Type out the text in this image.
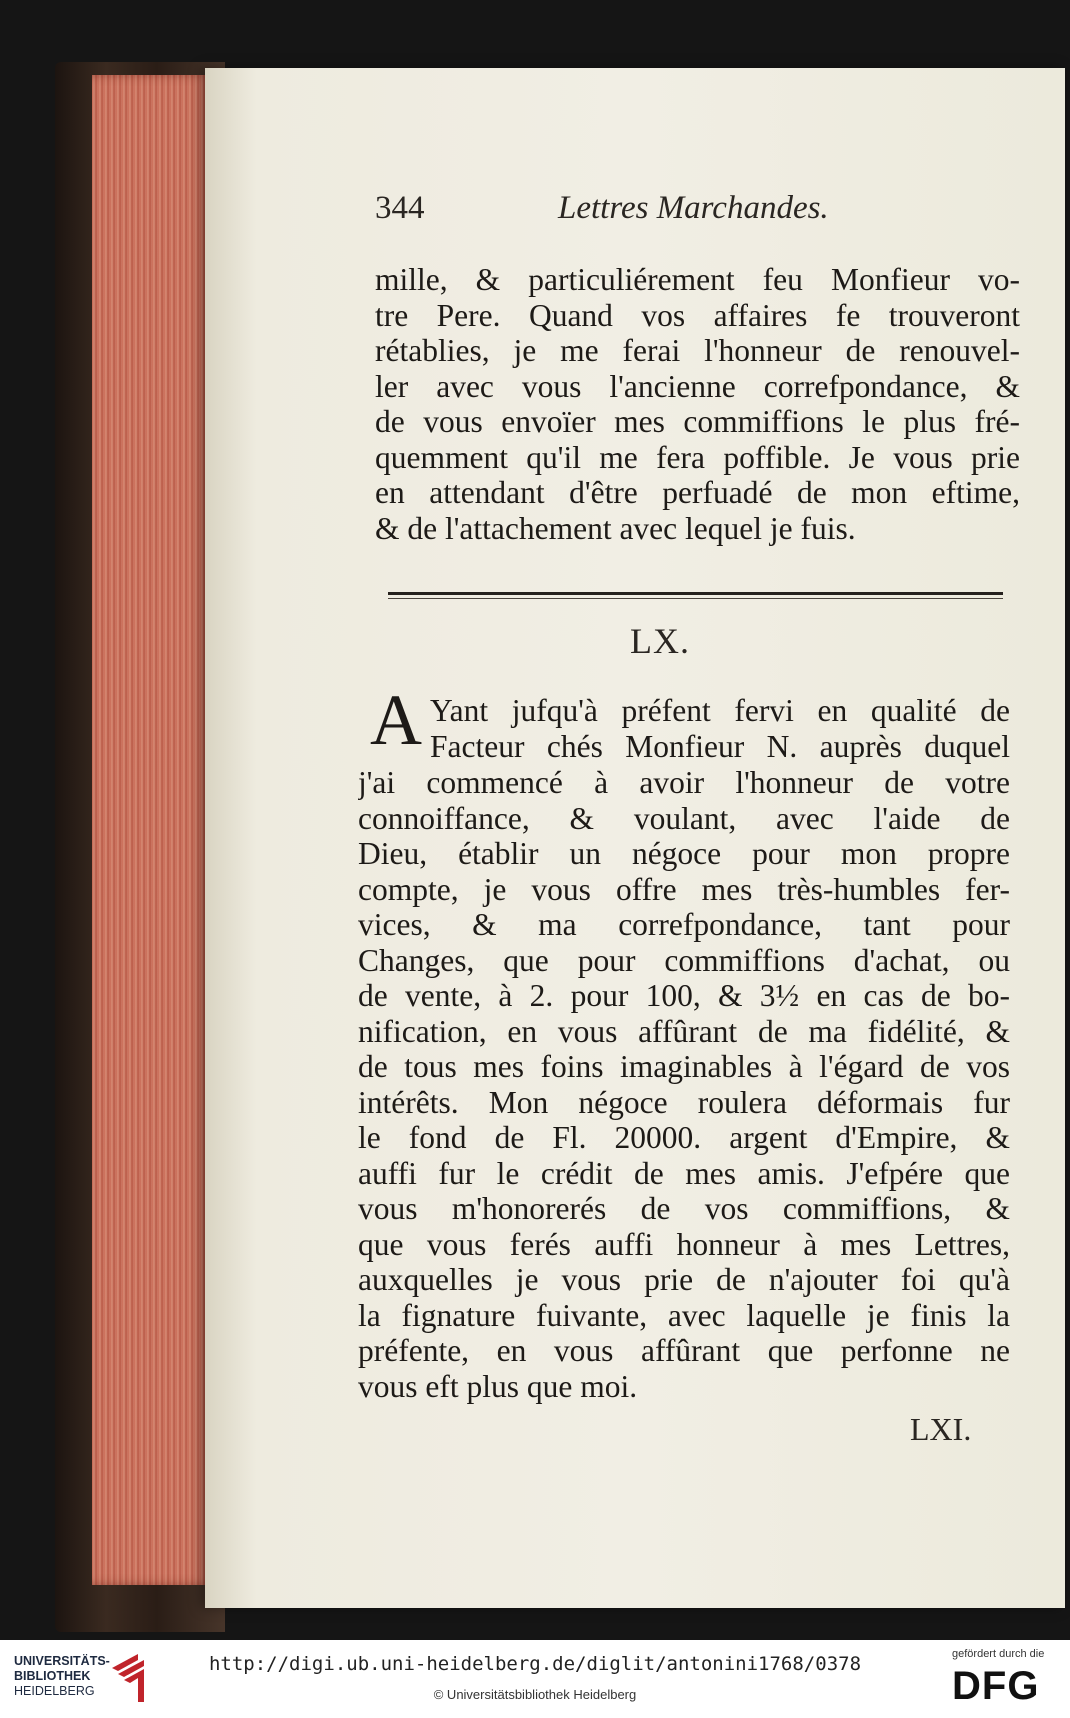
344	Lettres Marchandes.
mille, & particuliérement feu Monfieur vo-
tre Pere. Quand vos affaires fe trouveront
rétablies, je me ferai l'honneur de renouvel-
ler avec vous l'ancienne correfpondance, &
de vous envoïer mes commiffions le plus fré-
quemment qu'il me fera poffible. Je vous prie
en attendant d'être perfuadé de mon eftime,
& de l'attachement avec lequel je fuis.
LX.
A Yant jufqu'à préfent fervi en qualité de
Facteur chés Monfieur N. auprès duquel
j'ai commencé à avoir l'honneur de votre
connoiffance, & voulant, avec l'aide de
Dieu, établir un négoce pour mon propre
compte, je vous offre mes très-humbles fer-
vices, & ma correfpondance, tant pour
Changes, que pour commiffions d'achat, ou
de vente, à 2. pour 100, & 3½ en cas de bo-
nification, en vous affûrant de ma fidélité, &
de tous mes foins imaginables à l'égard de vos
intérêts. Mon négoce roulera déformais fur
le fond de Fl. 20000. argent d'Empire, &
auffi fur le crédit de mes amis. J'efpére que
vous m'honorerés de vos commiffions, &
que vous ferés auffi honneur à mes Lettres,
auxquelles je vous prie de n'ajouter foi qu'à
la fignature fuivante, avec laquelle je finis la
préfente, en vous affûrant que perfonne ne
vous eft plus que moi.
LXI.
UNIVERSITÄTS-
BIBLIOTHEK
HEIDELBERG
http://digi.ub.uni-heidelberg.de/diglit/antonini1768/0378
© Universitätsbibliothek Heidelberg
gefördert durch die
DFG
